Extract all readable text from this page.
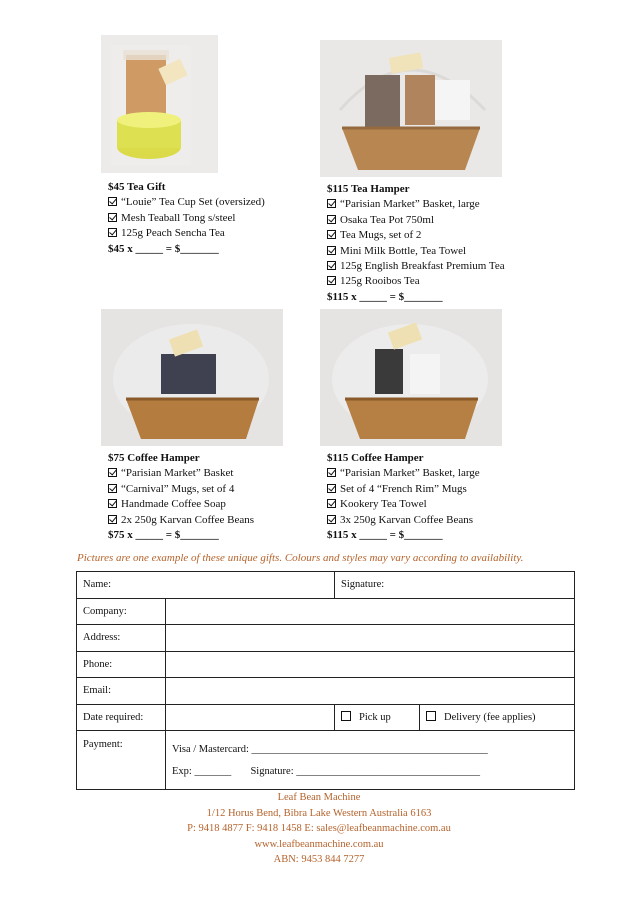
$45 Tea Gift
“Louie” Tea Cup Set (oversized)
Mesh Teaball Tong s/steel
125g Peach Sencha Tea
$45 x _____ = $_______
$115 Tea Hamper
“Parisian Market” Basket, large
Osaka Tea Pot 750ml
Tea Mugs, set of 2
Mini Milk Bottle, Tea Towel
125g English Breakfast Premium Tea
125g Rooibos Tea
$115 x _____ = $_______
$75 Coffee Hamper
“Parisian Market” Basket
“Carnival” Mugs, set of 4
Handmade Coffee Soap
2x 250g Karvan Coffee Beans
$75 x _____ = $_______
$115 Coffee Hamper
“Parisian Market” Basket, large
Set of 4 “French Rim” Mugs
Kookery Tea Towel
3x 250g Karvan Coffee Beans
$115 x _____ = $_______
Pictures are one example of these unique gifts. Colours and styles may vary according to availability.
Name:		Signature:	
Company:			
Address:			
Phone:			
Email:			
Date required:		Pick up	Delivery (fee applies)
Payment:	Visa / Mastercard: _____________________________________________
Exp: _______ Signature: ___________________________________		
Leaf Bean Machine
1/12 Horus Bend, Bibra Lake Western Australia 6163
P: 9418 4877 F: 9418 1458 E: sales@leafbeanmachine.com.au
www.leafbeanmachine.com.au
ABN: 9453 844 7277
